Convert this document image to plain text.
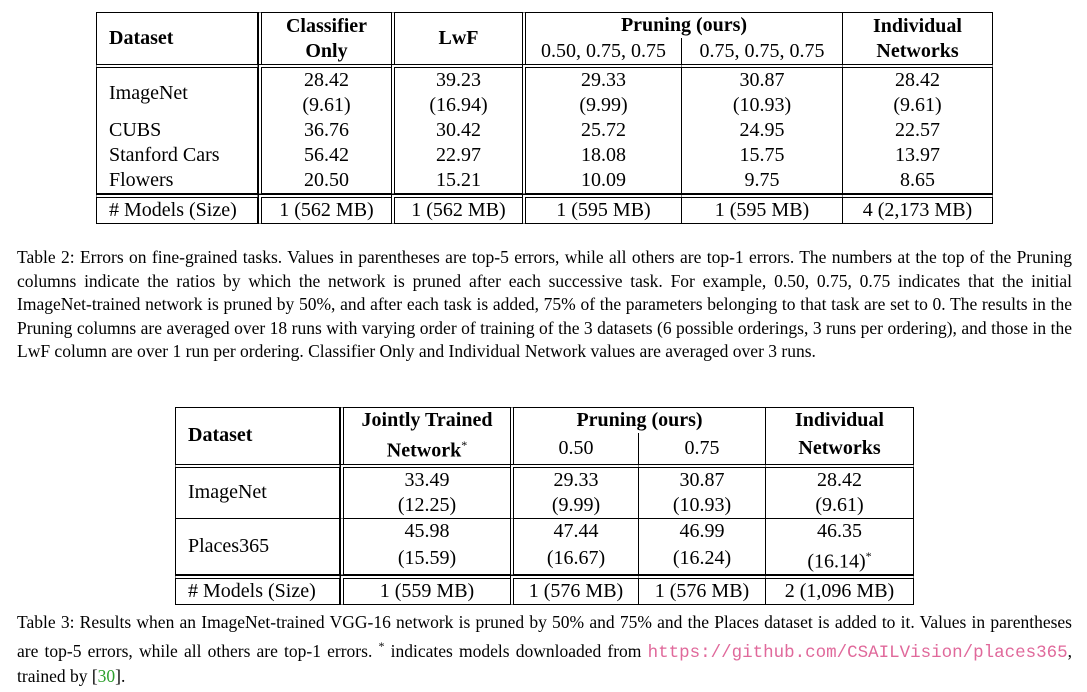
Dataset	Classifier Only	LwF	Pruning (ours)		Individual Networks
			0.50, 0.75, 0.75	0.75, 0.75, 0.75	
ImageNet	28.42	39.23	29.33	30.87	28.42
	(9.61)	(16.94)	(9.99)	(10.93)	(9.61)
CUBS	36.76	30.42	25.72	24.95	22.57
Stanford Cars	56.42	22.97	18.08	15.75	13.97
Flowers	20.50	15.21	10.09	9.75	8.65
# Models (Size)	1 (562 MB)	1 (562 MB)	1 (595 MB)	1 (595 MB)	4 (2,173 MB)

Table 2: Errors on fine-grained tasks. Values in parentheses are top-5 errors, while all others are top-1 errors. The numbers at the top of the Pruning columns indicate the ratios by which the network is pruned after each successive task. For example, 0.50, 0.75, 0.75 indicates that the initial ImageNet-trained network is pruned by 50%, and after each task is added, 75% of the parameters belonging to that task are set to 0. The results in the Pruning columns are averaged over 18 runs with varying order of training of the 3 datasets (6 possible orderings, 3 runs per ordering), and those in the LwF column are over 1 run per ordering. Classifier Only and Individual Network values are averaged over 3 runs.

Dataset	Jointly Trained	Pruning (ours)		Individual
	Network*	0.50	0.75	Networks
ImageNet	33.49	29.33	30.87	28.42
	(12.25)	(9.99)	(10.93)	(9.61)
Places365	45.98	47.44	46.99	46.35
	(15.59)	(16.67)	(16.24)	(16.14)*
# Models (Size)	1 (559 MB)	1 (576 MB)	1 (576 MB)	2 (1,096 MB)

Table 3: Results when an ImageNet-trained VGG-16 network is pruned by 50% and 75% and the Places dataset is added to it. Values in parentheses are top-5 errors, while all others are top-1 errors. * indicates models downloaded from https://github.com/CSAILVision/places365, trained by [30].
